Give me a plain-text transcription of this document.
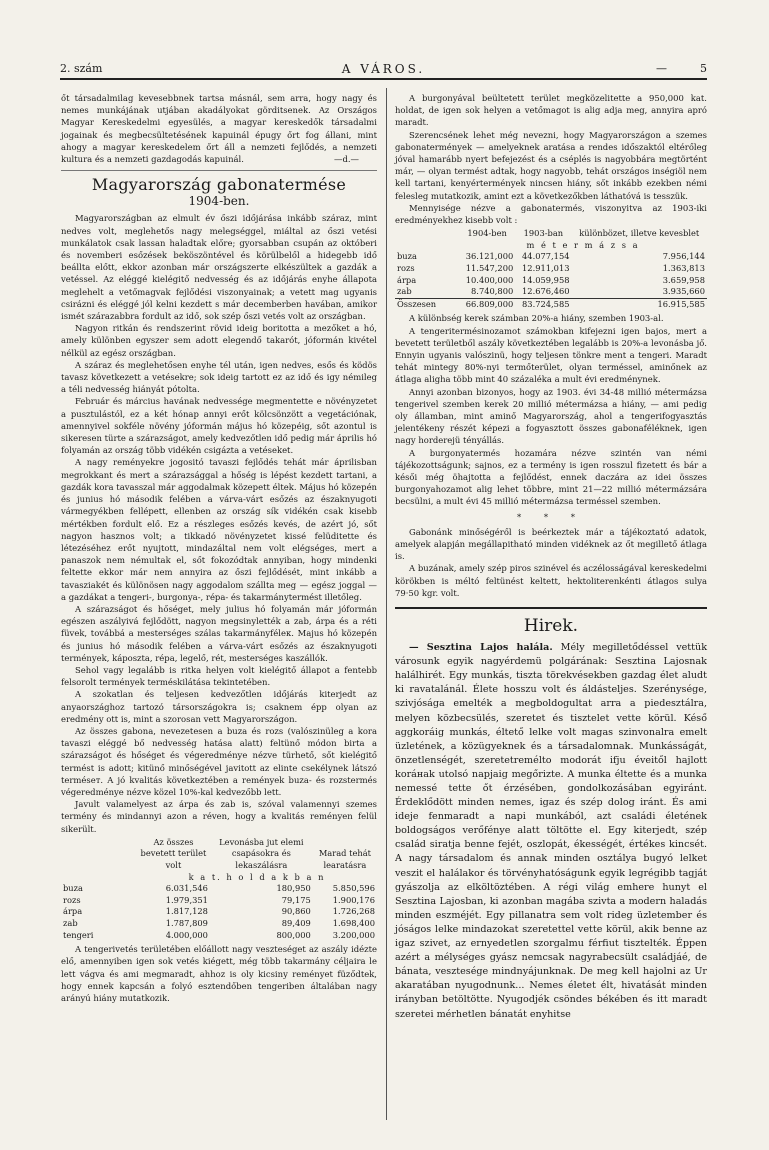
2. szám	A VÁROS.	—	5

őt társadalmilag kevesebbnek tartsa másnál, sem arra, hogy nagy és nemes munkájának utjában akadályokat görditsenek. Az Országos Magyar Kereskedelmi egyesülés, a magyar kereskedők társadalmi jogainak és megbecsültetésének kapuinál épugy őrt fog állani, mint ahogy a magyar kereskedelem őrt áll a nemzeti fejlődés, a nemzeti kultura és a nemzeti gazdagodás kapuinál.	—d.—
Magyarország gabonatermése
1904-ben.

Magyarországban az elmult év őszi időjárása inkább száraz, mint nedves volt, meglehetős nagy melegséggel, miáltal az őszi vetési munkálatok csak lassan haladtak előre; gyorsabban csupán az októberi és novemberi esőzések beköszöntével és körülbelől a hidegebb idő beálltа előtt, ekkor azonban már országszerte elkészültek a gazdák a vetéssel. Az eléggé kielégitő nedvesség és az időjárás enyhe állapota meglehelt a vetőmagvak fejlődési viszonyainak; a vetett mag ugyanis csirázni és eléggé jól kelni kezdett s már decemberben havában, amikor ismét szárazabbra fordult az idő, sok szép őszi vetés volt az országban.

Nagyon ritkán és rendszerint rövid ideig boritotta a mezőket a hó, amely különben egyszer sem adott elegendő takarót, jóformán kivétel nélkül az egész országban.

A száraz és meglehetősen enyhe tél után, igen nedves, esős és ködös tavasz következett a vetésekre; sok ideig tartott ez az idő és igy némileg a téli nedvesség hiányát pótolta.

Február és március havának nedvessége megmentette e növényzetet a pusztulástól, ez a két hónap annyi erőt kölcsönzött a vegetációnak, amennyivel sokféle növény jóformán május hó közepéig, sőt azontul is sikeresen türte a szárazságot, amely kedvezőtlen idő pedig már április hó folyamán az ország több vidékén csigázta a vetéseket.

A nagy reményekre jogositó tavaszi fejlődés tehát már áprilisban megrokkant és mert a szárazsággal a hőség is lépést kezdett tartani, a gazdák kora tavasszal már aggodalmak közepett éltek. Május hó közepén és junius hó második felében a várva-várt esőzés az északnyugoti vármegyékben fellépett, ellenben az ország sík vidékén csak kisebb mértékben fordult elő. Ez a részleges esőzés kevés, de azért jó, sőt nagyon hasznos volt; a tikkadó növényzetet kissé felüditette és létezéséhez erőt nyujtott, mindazáltal nem volt elégséges, mert a panaszok nem némultak el, sőt fokozódtak annyiban, hogy mindenki feltette ekkor már nem annyira az őszi fejlődését, mint inkább a tavasziakét és különösen nagy aggodalom szállta meg — egész joggal — a gazdákat a tengeri-, burgonya-, répa- és takarmánytermést illetőleg.

A szárazságot és hőséget, mely julius hó folyamán már jóformán egészen aszályivá fejlődött, nagyon megsinylették a zab, árpa és a réti füvek, továbbá a mesterséges szálas takarmányféleк. Majus hó közepén és junius hó második felében a várva-várt esőzés az északnyugoti termények, káposzta, répa, legelő, rét, mesterséges kaszállók.

Sehol vagy legalább is ritka helyen volt kielégitő állapot a fentebb felsorolt termények terméskilátása tekintetében.

A szokatlan és teljesen kedvezőtlen időjárás kiterjedt az anyaországhoz tartozó társországokra is; csaknem épp olyan az eredmény ott is, mint a szorosan vett Magyarországon.

Az összes gabona, nevezetesen a buza és rozs (valószinüleg a kora tavaszi eléggé bő nedvesség hatása alatt) feltünő módon birta a szárazságot és hőséget és végeredménye nézve türhető, sőt kielégitő termést is adott; kitünő minőségével javitott az elinte csekélynek látszó terméseт. A jó kvalitás következtében a remények buza- és rozstermés végeredménye nézve közel 10%-kal kedvezőbb lett.

Javult valamelyest az árpa és zab is, szóval valamennyi szemes termény és mindannyi azon a réven, hogy a kvalitás reményen felül sikerült.

	Az összes bevetett terület volt	Levonásba jut elemi csapásokra és lekaszálásra	Marad tehát learatásra
	k a t. h o l d a k b a n		
buza	6.031,546	180,950	5.850,596
rozs	1.979,351	79,175	1.900,176
árpa	1.817,128	90,860	1.726,268
zab	1.787,809	89,409	1.698,400
tengeri	4.000,000	800,000	3.200,000

A tengerivetés területében előállott nagy veszteséget az aszály idézte elő, amennyiben igen sok vetés kiégett, még több takarmány céljaira le lett vágva és ami megmaradt, ahhoz is oly kicsiny reményet füződtek, hogy ennek kapcsán a folyó esztendőben tengeriben általában nagy arányú hiány mutatkozik.

A burgonyával beültetett terület megközelitette a 950,000 kat. holdat, de igen sok helyen a vetőmagot is alig adja meg, annyira apró maradt.

Szerencsének lehet még nevezni, hogy Magyarországon a szemes gabonatermények — amelyeknek aratása a rendes időszaktól eltérőleg jóval hamarább nyert befejezést és a cséplés is nagyobbára megtörtént már, — olyan termést adtak, hogy nagyobb, tehát országos inségiöl nem kell tartani, kenyértermények nincsen hiány, sőt inkább ezekben némi felesleg mutatkozik, amint ezt a következőkben láthatóvá is tesszük.

Mennyisége nézve a gabonatermés, viszonyitva az 1903-iki eredményekhez kisebb volt :

	1904-ben	1903-ban	különbözet, illetve kevesblet
	m é t e r m á z s a		
buza	36.121,000	44.077,154	7.956,144
rozs	11.547,200	12.911,013	1.363,813
árpa	10.400,000	14.059,958	3.659,958
zab	8.740,800	12.676,460	3.935,660
Összesen	66.809,000	83.724,585	16.915,585

A különbség kerek számban 20%-a hiány, szemben 1903-al.

A tengeritermésinozamot számokban kifejezni igen bajos, mert a bevetett területből aszály következtében legalább is 20%-a levonásba jő. Ennyin ugyanis valószinü, hogy teljesen tönkre ment a tengeri. Maradt tehát mintegy 80%-nyi termőterület, olyan terméssel, aminőnek az átlaga aligha több mint 40 százaléka a mult évi eredménynek.

Annyi azonban bizonyos, hogy az 1903. évi 34-48 millió métermázsa tengerivel szemben kerek 20 millió métermázsa a hiány, — ami pedig oly államban, mint aminő Magyarország, ahol a tengerifogyasztás jelentékeny részét képezi a fogyasztott összes gabonaféléknek, igen nagy horderejü tényállás.

A burgonyatermés hozamára nézve szintén van némi tájékozottságunk; sajnos, ez a termény is igen rosszul fizetett és bár a késői még öhajtotta a fejlődést, ennek daczára az idei összes burgonyahozamot alig lehet többre, mint 21—22 millió métermázsára becsülni, a mult évi 45 millió métermázsa terméssel szemben.

* * *

Gabonánk minőségéről is beérkeztek már a tájékoztató adatok, amelyek alapján megállapitható minden vidéknek az őt megillető átlaga is.

A buzának, amely szép piros szinével és aczélosságával kereskedelmi körökben is méltó feltünést keltett, hektoliterenkénti átlagos sulya 79·50 kgr. volt.

Hirek.

— Sesztina Lajos halála. Mély megilletődéssel vettük városunk egyik nagyérdemü polgárának: Sesztina Lajosnak halálhirét. Egy munkás, tiszta törekvésekben gazdag élet aludt ki ravatalánál. Élete hosszu volt és áldásteljes. Szerénysége, szivjósága emelték a megboldogultat arra a piedesztálra, melyen közbecsülés, szeretet és tisztelet vette körül. Késő aggkoráig munkás, éltető lelke volt magas szinvonalra emelt üzletének, a közügyeknek és a társadalomnak. Munkásságát, önzetlenségét, szeretetremélto modorát ifju éveitől hajlott koráнak utolsó napjaig megőrizte. A munka éltette és a munka nemessé tette őt érzésében, gondolkozásában egyiránt. Érdeklődött minden nemes, igaz és szép dolog iránt. És ami ideje fenmaradt a napi munkából, azt családi életének boldogságos verőfénye alatt töltötte el. Egy kiterjedt, szép család siratja benne fejét, oszlopát, ékességét, értékes kincsét. A nagy társadalom és annak minden osztálya bugyó lelket veszit el halálakor és törvényhatóságunk egyik legrégibb tagját gyászolja az elköltöztében. A régi világ emhere hunyt el Sesztina Lajosban, ki azonban magába szivta a modern haladás minden eszméjét. Egy pillanatra sem volt rideg üzletember és jóságos lelke mindazokat szeretettel vette körül, akik benne az igaz szivet, az ernyedetlen szorgalmu férfiut tisztelték. Éppen azért a mélységes gyász nemcsak nagyrabecsült családjáé, de bánata, veszteségе mindnyájunknak. De meg kell hajolni az Ur akaratában nyugodnunk... Nemes életet élt, hivatását minden irányban betöltötte. Nyugodjék csöndes békében és itt maradt szeretei mérhetlen bánatát enyhitse
